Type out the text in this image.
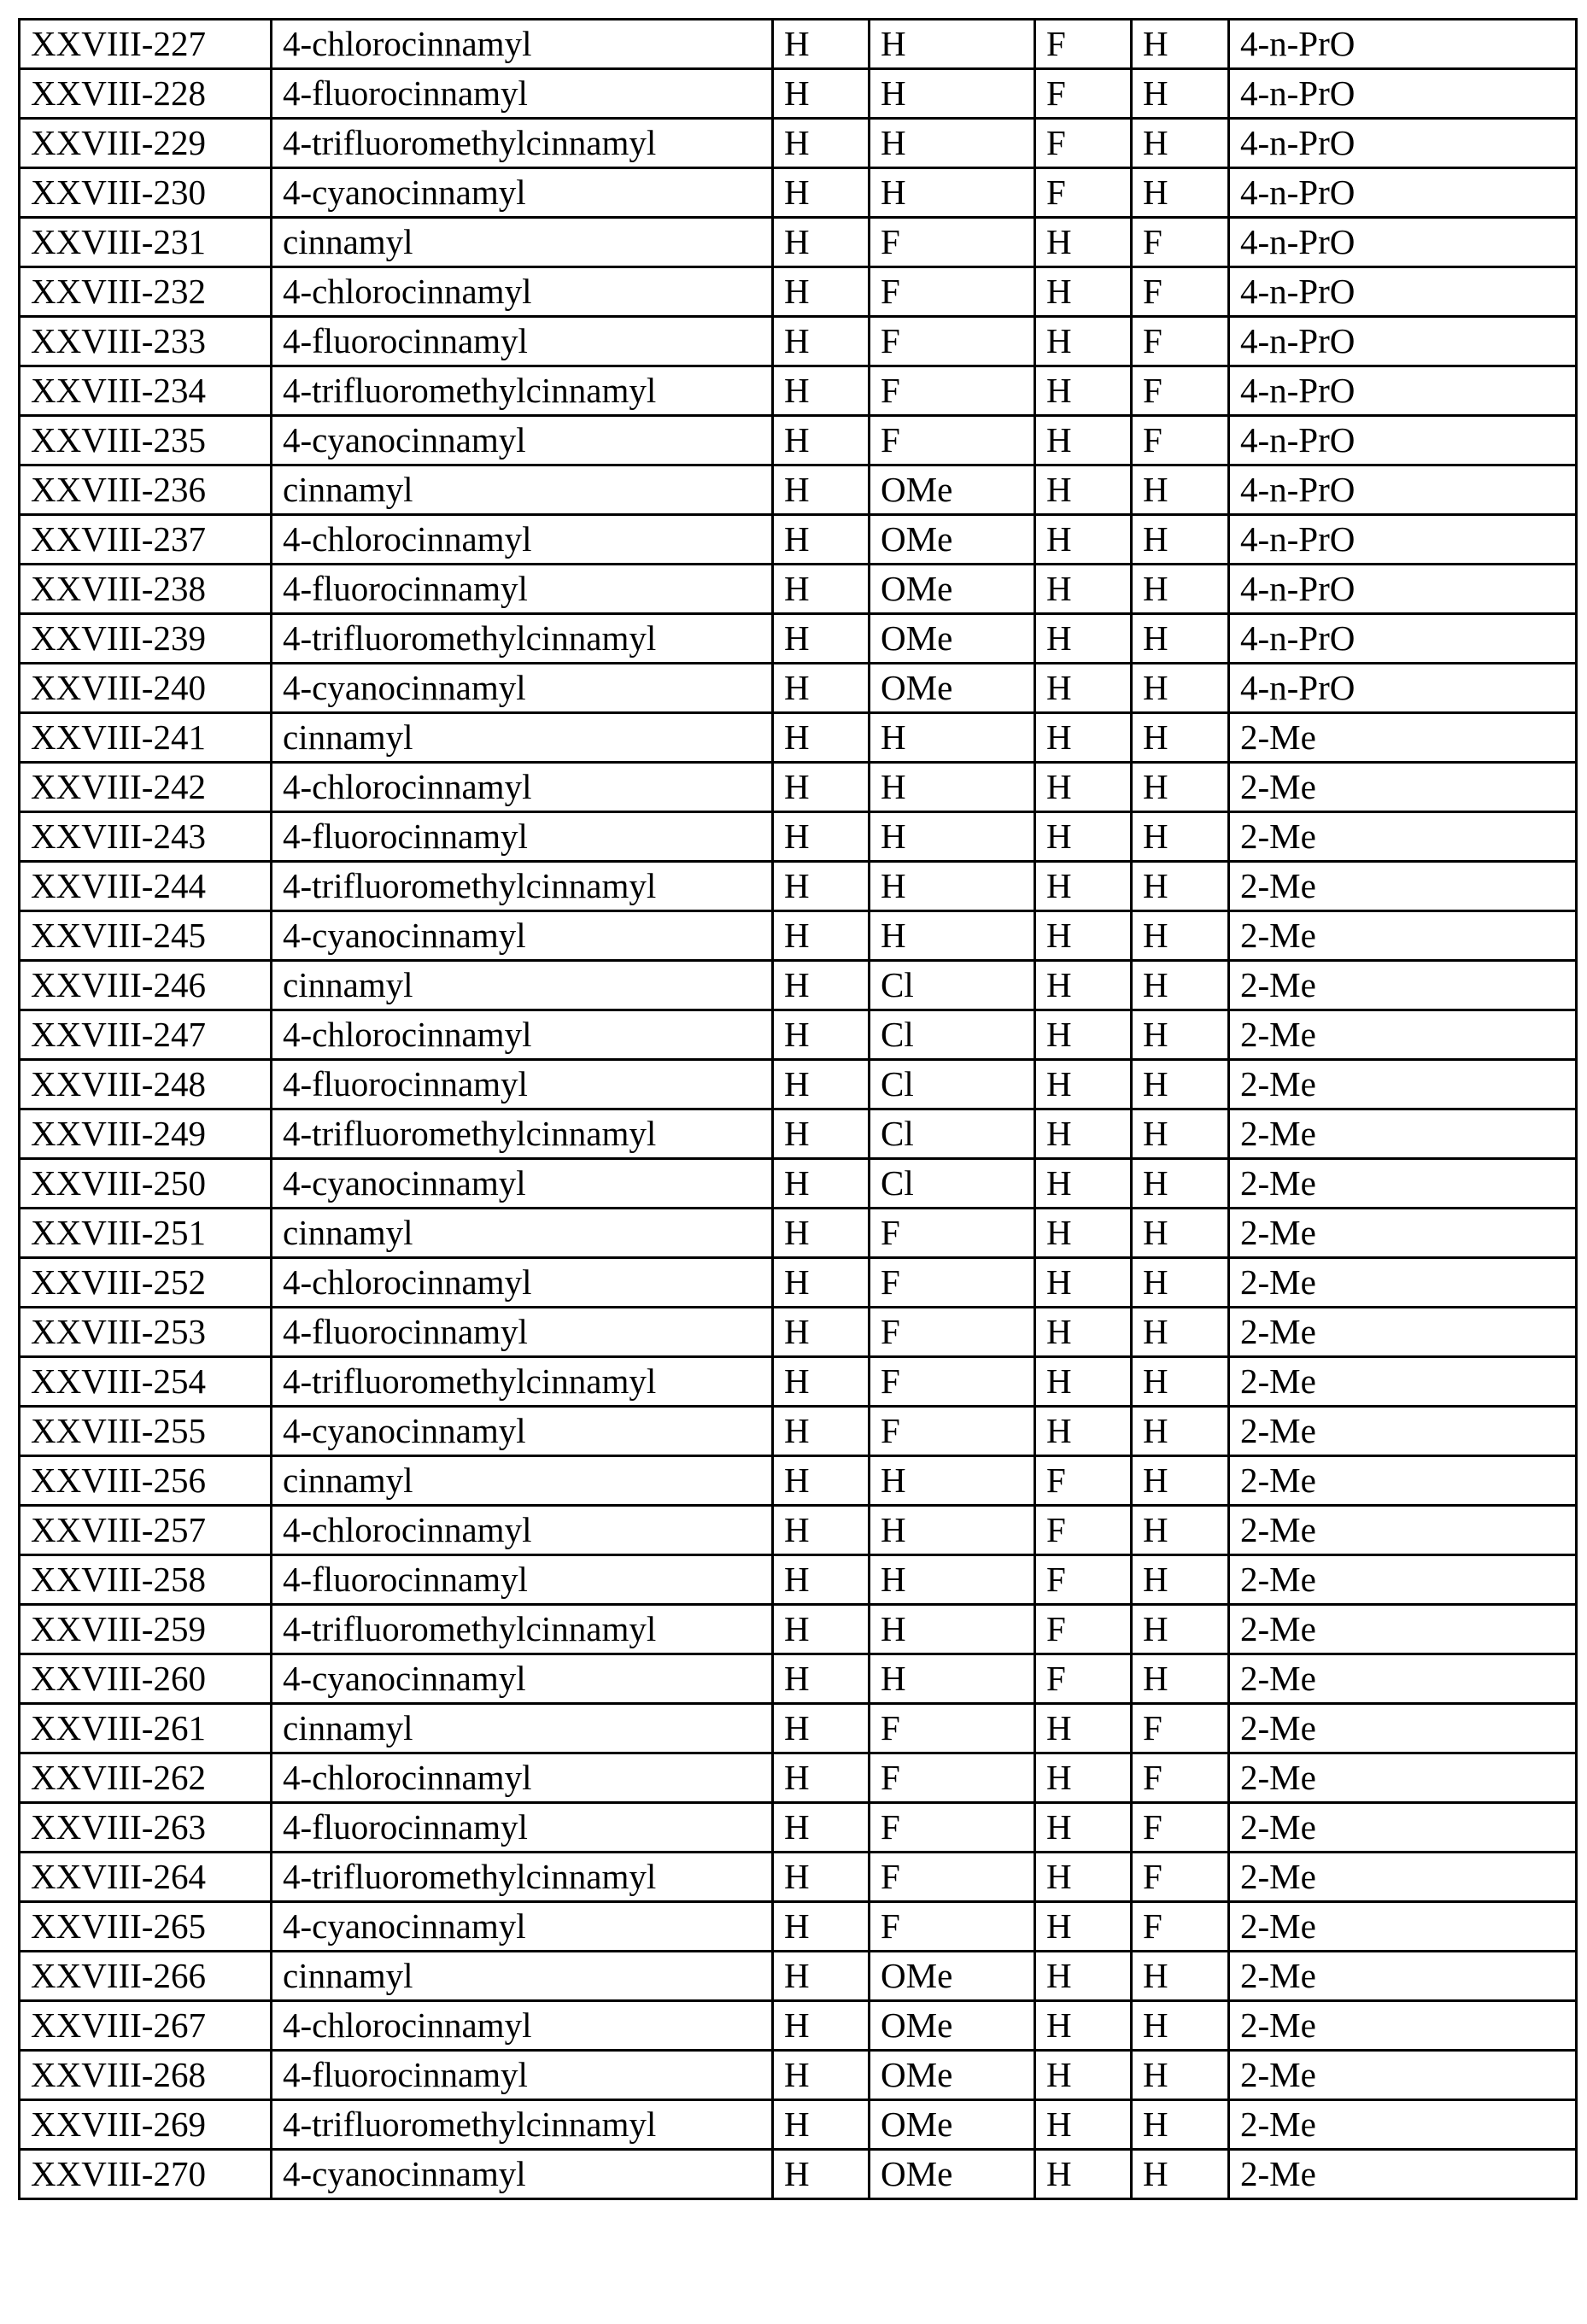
XXVIII-227	4-chlorocinnamyl	H	H	F	H	4-n-PrO
XXVIII-228	4-fluorocinnamyl	H	H	F	H	4-n-PrO
XXVIII-229	4-trifluoromethylcinnamyl	H	H	F	H	4-n-PrO
XXVIII-230	4-cyanocinnamyl	H	H	F	H	4-n-PrO
XXVIII-231	cinnamyl	H	F	H	F	4-n-PrO
XXVIII-232	4-chlorocinnamyl	H	F	H	F	4-n-PrO
XXVIII-233	4-fluorocinnamyl	H	F	H	F	4-n-PrO
XXVIII-234	4-trifluoromethylcinnamyl	H	F	H	F	4-n-PrO
XXVIII-235	4-cyanocinnamyl	H	F	H	F	4-n-PrO
XXVIII-236	cinnamyl	H	OMe	H	H	4-n-PrO
XXVIII-237	4-chlorocinnamyl	H	OMe	H	H	4-n-PrO
XXVIII-238	4-fluorocinnamyl	H	OMe	H	H	4-n-PrO
XXVIII-239	4-trifluoromethylcinnamyl	H	OMe	H	H	4-n-PrO
XXVIII-240	4-cyanocinnamyl	H	OMe	H	H	4-n-PrO
XXVIII-241	cinnamyl	H	H	H	H	2-Me
XXVIII-242	4-chlorocinnamyl	H	H	H	H	2-Me
XXVIII-243	4-fluorocinnamyl	H	H	H	H	2-Me
XXVIII-244	4-trifluoromethylcinnamyl	H	H	H	H	2-Me
XXVIII-245	4-cyanocinnamyl	H	H	H	H	2-Me
XXVIII-246	cinnamyl	H	Cl	H	H	2-Me
XXVIII-247	4-chlorocinnamyl	H	Cl	H	H	2-Me
XXVIII-248	4-fluorocinnamyl	H	Cl	H	H	2-Me
XXVIII-249	4-trifluoromethylcinnamyl	H	Cl	H	H	2-Me
XXVIII-250	4-cyanocinnamyl	H	Cl	H	H	2-Me
XXVIII-251	cinnamyl	H	F	H	H	2-Me
XXVIII-252	4-chlorocinnamyl	H	F	H	H	2-Me
XXVIII-253	4-fluorocinnamyl	H	F	H	H	2-Me
XXVIII-254	4-trifluoromethylcinnamyl	H	F	H	H	2-Me
XXVIII-255	4-cyanocinnamyl	H	F	H	H	2-Me
XXVIII-256	cinnamyl	H	H	F	H	2-Me
XXVIII-257	4-chlorocinnamyl	H	H	F	H	2-Me
XXVIII-258	4-fluorocinnamyl	H	H	F	H	2-Me
XXVIII-259	4-trifluoromethylcinnamyl	H	H	F	H	2-Me
XXVIII-260	4-cyanocinnamyl	H	H	F	H	2-Me
XXVIII-261	cinnamyl	H	F	H	F	2-Me
XXVIII-262	4-chlorocinnamyl	H	F	H	F	2-Me
XXVIII-263	4-fluorocinnamyl	H	F	H	F	2-Me
XXVIII-264	4-trifluoromethylcinnamyl	H	F	H	F	2-Me
XXVIII-265	4-cyanocinnamyl	H	F	H	F	2-Me
XXVIII-266	cinnamyl	H	OMe	H	H	2-Me
XXVIII-267	4-chlorocinnamyl	H	OMe	H	H	2-Me
XXVIII-268	4-fluorocinnamyl	H	OMe	H	H	2-Me
XXVIII-269	4-trifluoromethylcinnamyl	H	OMe	H	H	2-Me
XXVIII-270	4-cyanocinnamyl	H	OMe	H	H	2-Me
